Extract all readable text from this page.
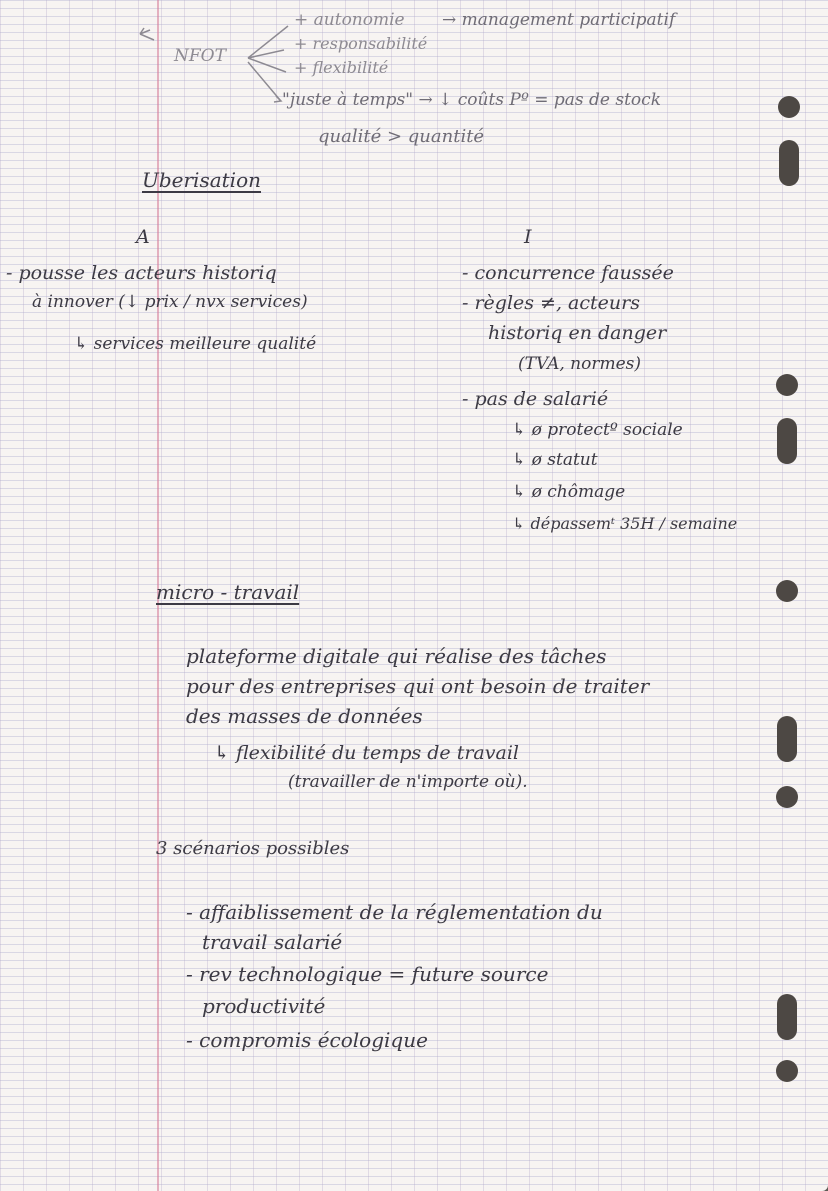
NFOT
+ autonomie → management participatif
+ responsabilité
+ flexibilité
"juste à temps" → ↓ coûts Pº = pas de stock
qualité > quantité
Uberisation
A
- pousse les acteurs historiq
à innover (↓ prix / nvx services)
↳ services meilleure qualité
I
- concurrence faussée
- règles ≠, acteurs
historiq en danger
(TVA, normes)
- pas de salarié
↳ ø protectº sociale
↳ ø statut
↳ ø chômage
↳ dépassemᵗ 35H / semaine
micro - travail
plateforme digitale qui réalise des tâches
pour des entreprises qui ont besoin de traiter
des masses de données
↳ flexibilité du temps de travail
(travailler de n'importe où).
3 scénarios possibles
- affaiblissement de la réglementation du
travail salarié
- rev technologique = future source
productivité
- compromis écologique
